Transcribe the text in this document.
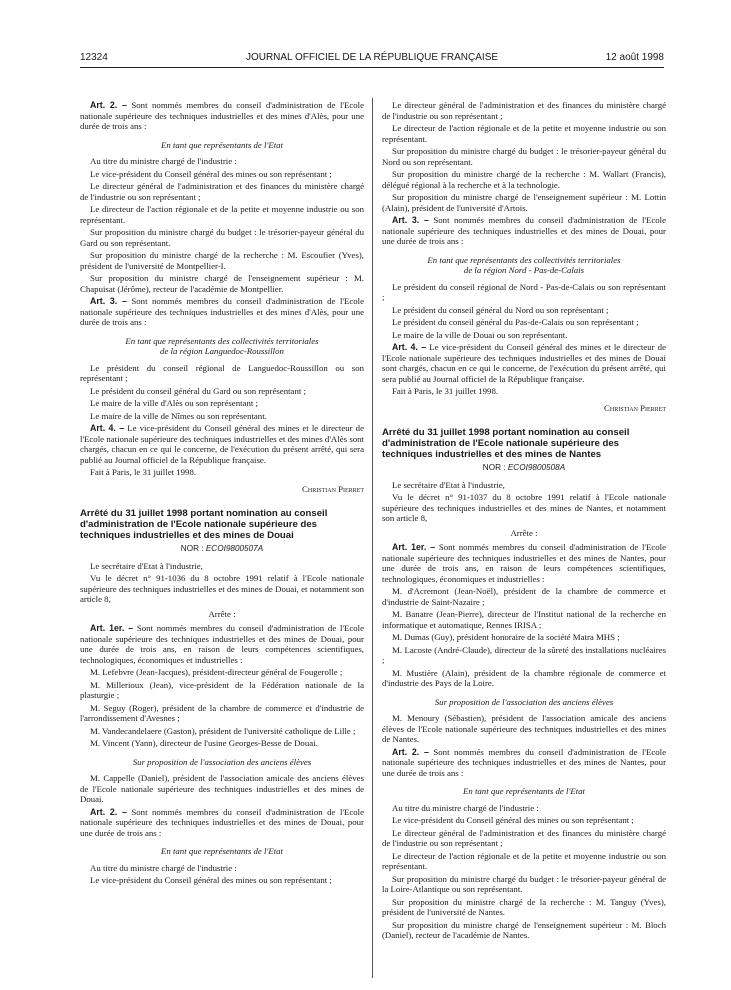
12324	JOURNAL OFFICIEL DE LA RÉPUBLIQUE FRANÇAISE	12 août 1998

Art. 2. – Sont nommés membres du conseil d'administration de l'Ecole nationale supérieure des techniques industrielles et des mines d'Alès, pour une durée de trois ans :

En tant que représentants de l'Etat

Au titre du ministre chargé de l'industrie :

Le vice-président du Conseil général des mines ou son représentant ;

Le directeur général de l'administration et des finances du ministère chargé de l'industrie ou son représentant ;

Le directeur de l'action régionale et de la petite et moyenne industrie ou son représentant.

Sur proposition du ministre chargé du budget : le trésorier-payeur général du Gard ou son représentant.

Sur proposition du ministre chargé de la recherche : M. Escoufier (Yves), président de l'université de Montpellier-I.

Sur proposition du ministre chargé de l'enseignement supérieur : M. Chapuisat (Jérôme), recteur de l'académie de Montpellier.

Art. 3. – Sont nommés membres du conseil d'administration de l'Ecole nationale supérieure des techniques industrielles et des mines d'Alès, pour une durée de trois ans :

En tant que représentants des collectivités territoriales
de la région Languedoc-Roussillon

Le président du conseil régional de Languedoc-Roussillon ou son représentant ;

Le président du conseil général du Gard ou son représentant ;

Le maire de la ville d'Alès ou son représentant ;

Le maire de la ville de Nîmes ou son représentant.

Art. 4. – Le vice-président du Conseil général des mines et le directeur de l'Ecole nationale supérieure des techniques industrielles et des mines d'Alès sont chargés, chacun en ce qui le concerne, de l'exécution du présent arrêté, qui sera publié au Journal officiel de la République française.

Fait à Paris, le 31 juillet 1998.

Christian Pierret

Arrêté du 31 juillet 1998 portant nomination au conseil d'administration de l'Ecole nationale supérieure des techniques industrielles et des mines de Douai

NOR : ECOI9800507A

Le secrétaire d'Etat à l'industrie,

Vu le décret n° 91-1036 du 8 octobre 1991 relatif à l'Ecole nationale supérieure des techniques industrielles et des mines de Douai, et notamment son article 8,

Arrête :

Art. 1er. – Sont nommés membres du conseil d'administration de l'Ecole nationale supérieure des techniques industrielles et des mines de Douai, pour une durée de trois ans, en raison de leurs compétences scientifiques, technologiques, économiques et industrielles :

M. Lefebvre (Jean-Jacques), président-directeur général de Fougerolle ;

M. Millerioux (Jean), vice-président de la Fédération nationale de la plasturgie ;

M. Seguy (Roger), président de la chambre de commerce et d'industrie de l'arrondissement d'Avesnes ;

M. Vandecandelaere (Gaston), président de l'université catholique de Lille ;

M. Vincent (Yann), directeur de l'usine Georges-Besse de Douai.

Sur proposition de l'association des anciens élèves

M. Cappelle (Daniel), président de l'association amicale des anciens élèves de l'Ecole nationale supérieure des techniques industrielles et des mines de Douai.

Art. 2. – Sont nommés membres du conseil d'administration de l'Ecole nationale supérieure des techniques industrielles et des mines de Douai, pour une durée de trois ans :

En tant que représentants de l'Etat

Au titre du ministre chargé de l'industrie :

Le vice-président du Conseil général des mines ou son représentant ;

Le directeur général de l'administration et des finances du ministère chargé de l'industrie ou son représentant ;

Le directeur de l'action régionale et de la petite et moyenne industrie ou son représentant.

Sur proposition du ministre chargé du budget : le trésorier-payeur général du Nord ou son représentant.

Sur proposition du ministre chargé de la recherche : M. Wallart (Francis), délégué régional à la recherche et à la technologie.

Sur proposition du ministre chargé de l'enseignement supérieur : M. Lottin (Alain), président de l'université d'Artois.

Art. 3. – Sont nommés membres du conseil d'administration de l'Ecole nationale supérieure des techniques industrielles et des mines de Douai, pour une durée de trois ans :

En tant que représentants des collectivités territoriales
de la région Nord - Pas-de-Calais

Le président du conseil régional de Nord - Pas-de-Calais ou son représentant ;

Le président du conseil général du Nord ou son représentant ;

Le président du conseil général du Pas-de-Calais ou son représentant ;

Le maire de la ville de Douai ou son représentant.

Art. 4. – Le vice-président du Conseil général des mines et le directeur de l'Ecole nationale supérieure des techniques industrielles et des mines de Douai sont chargés, chacun en ce qui le concerne, de l'exécution du présent arrêté, qui sera publié au Journal officiel de la République française.

Fait à Paris, le 31 juillet 1998.

Christian Pierret

Arrêté du 31 juillet 1998 portant nomination au conseil d'administration de l'Ecole nationale supérieure des techniques industrielles et des mines de Nantes

NOR : ECOI9800508A

Le secrétaire d'Etat à l'industrie,

Vu le décret n° 91-1037 du 8 octobre 1991 relatif à l'Ecole nationale supérieure des techniques industrielles et des mines de Nantes, et notamment son article 8,

Arrête :

Art. 1er. – Sont nommés membres du conseil d'administration de l'Ecole nationale supérieure des techniques industrielles et des mines de Nantes, pour une durée de trois ans, en raison de leurs compétences scientifiques, technologiques, économiques et industrielles :

M. d'Acremont (Jean-Noël), président de la chambre de commerce et d'industrie de Saint-Nazaire ;

M. Banatre (Jean-Pierre), directeur de l'Institut national de la recherche en informatique et automatique, Rennes IRISA ;

M. Dumas (Guy), président honoraire de la société Matra MHS ;

M. Lacoste (André-Claude), directeur de la sûreté des installations nucléaires ;

M. Mustière (Alain), président de la chambre régionale de commerce et d'industrie des Pays de la Loire.

Sur proposition de l'association des anciens élèves

M. Menoury (Sébastien), président de l'association amicale des anciens élèves de l'Ecole nationale supérieure des techniques industrielles et des mines de Nantes.

Art. 2. – Sont nommés membres du conseil d'administration de l'Ecole nationale supérieure des techniques industrielles et des mines de Nantes, pour une durée de trois ans :

En tant que représentants de l'Etat

Au titre du ministre chargé de l'industrie :

Le vice-président du Conseil général des mines ou son représentant ;

Le directeur général de l'administration et des finances du ministère chargé de l'industrie ou son représentant ;

Le directeur de l'action régionale et de la petite et moyenne industrie ou son représentant.

Sur proposition du ministre chargé du budget : le trésorier-payeur général de la Loire-Atlantique ou son représentant.

Sur proposition du ministre chargé de la recherche : M. Tanguy (Yves), président de l'université de Nantes.

Sur proposition du ministre chargé de l'enseignement supérieur : M. Bloch (Daniel), recteur de l'académie de Nantes.
